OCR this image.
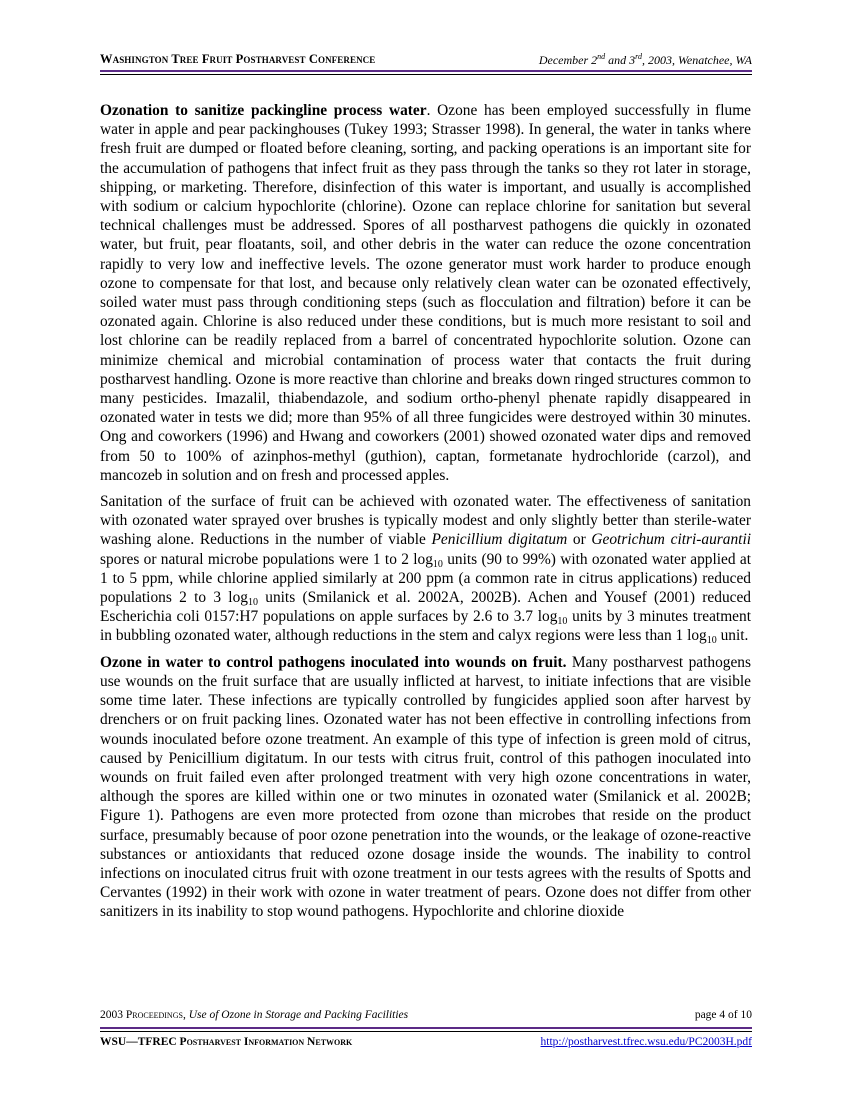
Washington Tree Fruit Postharvest Conference	December 2nd and 3rd, 2003, Wenatchee, WA

Ozonation to sanitize packingline process water. Ozone has been employed successfully in flume water in apple and pear packinghouses (Tukey 1993; Strasser 1998). In general, the water in tanks where fresh fruit are dumped or floated before cleaning, sorting, and packing operations is an important site for the accumulation of pathogens that infect fruit as they pass through the tanks so they rot later in storage, shipping, or marketing. Therefore, disinfection of this water is important, and usually is accomplished with sodium or calcium hypochlorite (chlorine). Ozone can replace chlorine for sanitation but several technical challenges must be addressed. Spores of all postharvest pathogens die quickly in ozonated water, but fruit, pear floatants, soil, and other debris in the water can reduce the ozone concentration rapidly to very low and ineffective levels. The ozone generator must work harder to produce enough ozone to compensate for that lost, and because only relatively clean water can be ozonated effectively, soiled water must pass through conditioning steps (such as flocculation and filtration) before it can be ozonated again. Chlorine is also reduced under these conditions, but is much more resistant to soil and lost chlorine can be readily replaced from a barrel of concentrated hypochlorite solution. Ozone can minimize chemical and microbial contamination of process water that contacts the fruit during postharvest handling. Ozone is more reactive than chlorine and breaks down ringed structures common to many pesticides. Imazalil, thiabendazole, and sodium ortho-phenyl phenate rapidly disappeared in ozonated water in tests we did; more than 95% of all three fungicides were destroyed within 30 minutes. Ong and coworkers (1996) and Hwang and coworkers (2001) showed ozonated water dips and removed from 50 to 100% of azinphos-methyl (guthion), captan, formetanate hydrochloride (carzol), and mancozeb in solution and on fresh and processed apples.

Sanitation of the surface of fruit can be achieved with ozonated water. The effectiveness of sanitation with ozonated water sprayed over brushes is typically modest and only slightly better than sterile-water washing alone. Reductions in the number of viable Penicillium digitatum or Geotrichum citri-aurantii spores or natural microbe populations were 1 to 2 $\log_{10}$ units (90 to 99%) with ozonated water applied at 1 to 5 ppm, while chlorine applied similarly at 200 ppm (a common rate in citrus applications) reduced populations 2 to 3 $\log_{10}$ units (Smilanick et al. 2002A, 2002B). Achen and Yousef (2001) reduced Escherichia coli 0157:H7 populations on apple surfaces by 2.6 to 3.7 $\log_{10}$ units by 3 minutes treatment in bubbling ozonated water, although reductions in the stem and calyx regions were less than 1 $\log_{10}$ unit.

Ozone in water to control pathogens inoculated into wounds on fruit. Many postharvest pathogens use wounds on the fruit surface that are usually inflicted at harvest, to initiate infections that are visible some time later. These infections are typically controlled by fungicides applied soon after harvest by drenchers or on fruit packing lines. Ozonated water has not been effective in controlling infections from wounds inoculated before ozone treatment. An example of this type of infection is green mold of citrus, caused by Penicillium digitatum. In our tests with citrus fruit, control of this pathogen inoculated into wounds on fruit failed even after prolonged treatment with very high ozone concentrations in water, although the spores are killed within one or two minutes in ozonated water (Smilanick et al. 2002B; Figure 1). Pathogens are even more protected from ozone than microbes that reside on the product surface, presumably because of poor ozone penetration into the wounds, or the leakage of ozone-reactive substances or antioxidants that reduced ozone dosage inside the wounds. The inability to control infections on inoculated citrus fruit with ozone treatment in our tests agrees with the results of Spotts and Cervantes (1992) in their work with ozone in water treatment of pears. Ozone does not differ from other sanitizers in its inability to stop wound pathogens. Hypochlorite and chlorine dioxide

2003 Proceedings, Use of Ozone in Storage and Packing Facilities	page 4 of 10
WSU—TFREC Postharvest Information Network	http://postharvest.tfrec.wsu.edu/PC2003H.pdf
